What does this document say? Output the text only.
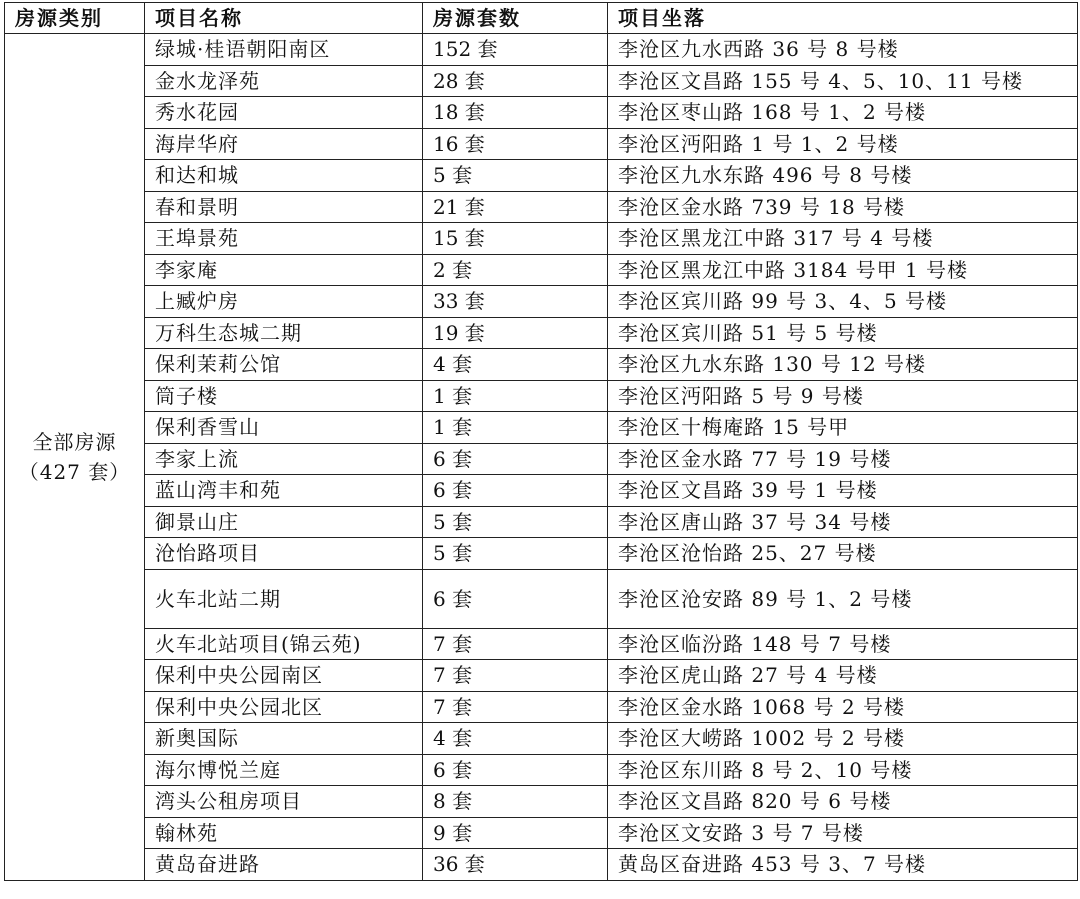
房源类别	项目名称	房源套数	项目坐落

全部房源
（427 套）	绿城·桂语朝阳南区	152 套	李沧区九水西路 36 号 8 号楼
	金水龙泽苑	28 套	李沧区文昌路 155 号 4、5、10、11 号楼
	秀水花园	18 套	李沧区枣山路 168 号 1、2 号楼
	海岸华府	16 套	李沧区沔阳路 1 号 1、2 号楼
	和达和城	5 套	李沧区九水东路 496 号 8 号楼
	春和景明	21 套	李沧区金水路 739 号 18 号楼
	王埠景苑	15 套	李沧区黑龙江中路 317 号 4 号楼
	李家庵	2 套	李沧区黑龙江中路 3184 号甲 1 号楼
	上臧炉房	33 套	李沧区宾川路 99 号 3、4、5 号楼
	万科生态城二期	19 套	李沧区宾川路 51 号 5 号楼
	保利茉莉公馆	4 套	李沧区九水东路 130 号 12 号楼
	筒子楼	1 套	李沧区沔阳路 5 号 9 号楼
	保利香雪山	1 套	李沧区十梅庵路 15 号甲
	李家上流	6 套	李沧区金水路 77 号 19 号楼
	蓝山湾丰和苑	6 套	李沧区文昌路 39 号 1 号楼
	御景山庄	5 套	李沧区唐山路 37 号 34 号楼
	沧怡路项目	5 套	李沧区沧怡路 25、27 号楼
	火车北站二期	6 套	李沧区沧安路 89 号 1、2 号楼
	火车北站项目(锦云苑)	7 套	李沧区临汾路 148 号 7 号楼
	保利中央公园南区	7 套	李沧区虎山路 27 号 4 号楼
	保利中央公园北区	7 套	李沧区金水路 1068 号 2 号楼
	新奥国际	4 套	李沧区大崂路 1002 号 2 号楼
	海尔博悦兰庭	6 套	李沧区东川路 8 号 2、10 号楼
	湾头公租房项目	8 套	李沧区文昌路 820 号 6 号楼
	翰林苑	9 套	李沧区文安路 3 号 7 号楼
	黄岛奋进路	36 套	黄岛区奋进路 453 号 3、7 号楼
